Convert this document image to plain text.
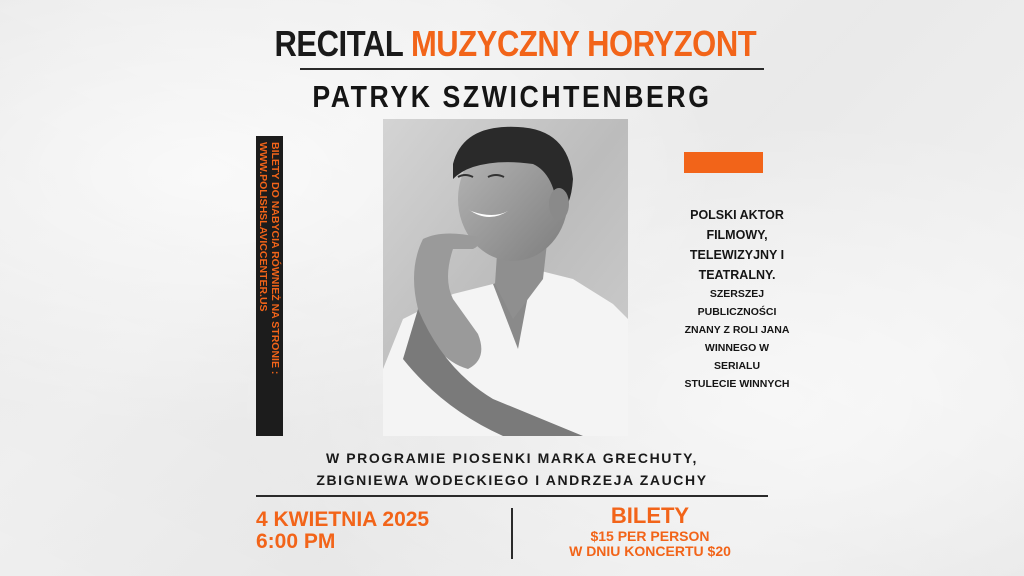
RECITAL MUZYCZNY HORYZONT
PATRYK SZWICHTENBERG
BILETY DO NABYCIA RÓWNIEŻ NA STRONIE :
WWW.POLISHSLAVICCENTER.US	POLSKI AKTOR
FILMOWY,
TELEWIZYJNY I
TEATRALNY.
SZERSZEJ
PUBLICZNOŚCI
ZNANY Z ROLI JANA
WINNEGO W
SERIALU
STULECIE WINNYCH
W PROGRAMIE PIOSENKI MARKA GRECHUTY,
ZBIGNIEWA WODECKIEGO I ANDRZEJA ZAUCHY
4 KWIETNIA 2025
6:00 PM
BILETY
$15 PER PERSON
W DNIU KONCERTU $20
